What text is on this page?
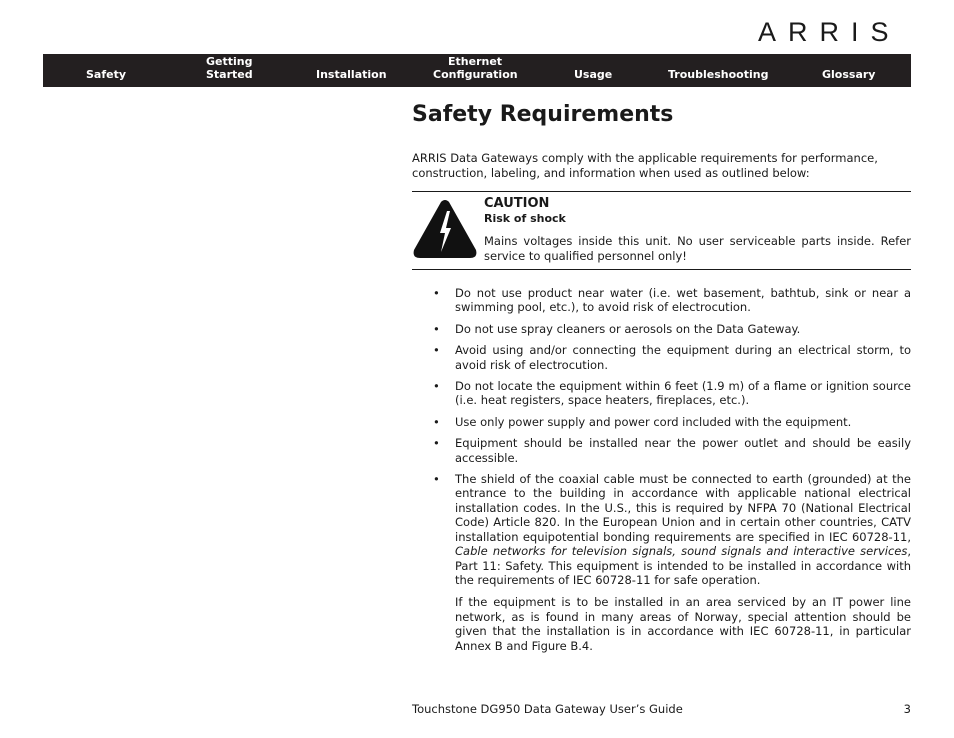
ARRIS
Safety
Getting
Started	Installation
Ethernet
Configuration	Usage	Troubleshooting	Glossary
Safety Requirements
ARRIS Data Gateways comply with the applicable requirements for performance, construction, labeling, and information when used as outlined below:
CAUTION
Risk of shock
Mains voltages inside this unit. No user serviceable parts inside. Refer service to qualified personnel only!
• Do not use product near water (i.e. wet basement, bathtub, sink or near a swimming pool, etc.), to avoid risk of electrocution.

• Do not use spray cleaners or aerosols on the Data Gateway.

• Avoid using and/or connecting the equipment during an electrical storm, to avoid risk of electrocution.

• Do not locate the equipment within 6 feet (1.9 m) of a flame or ignition source (i.e. heat registers, space heaters, fireplaces, etc.).

• Use only power supply and power cord included with the equipment.

• Equipment should be installed near the power outlet and should be easily accessible.

• The shield of the coaxial cable must be connected to earth (grounded) at the entrance to the building in accordance with applicable national electrical installation codes. In the U.S., this is required by NFPA 70 (National Electrical Code) Article 820. In the European Union and in certain other countries, CATV installation equipotential bonding requirements are specified in IEC 60728-11, Cable networks for television signals, sound signals and interactive services, Part 11: Safety. This equipment is intended to be installed in accordance with the requirements of IEC 60728-11 for safe operation.

If the equipment is to be installed in an area serviced by an IT power line network, as is found in many areas of Norway, special attention should be given that the installation is in accordance with IEC 60728-11, in particular Annex B and Figure B.4.

Touchstone DG950 Data Gateway User’s Guide	3
